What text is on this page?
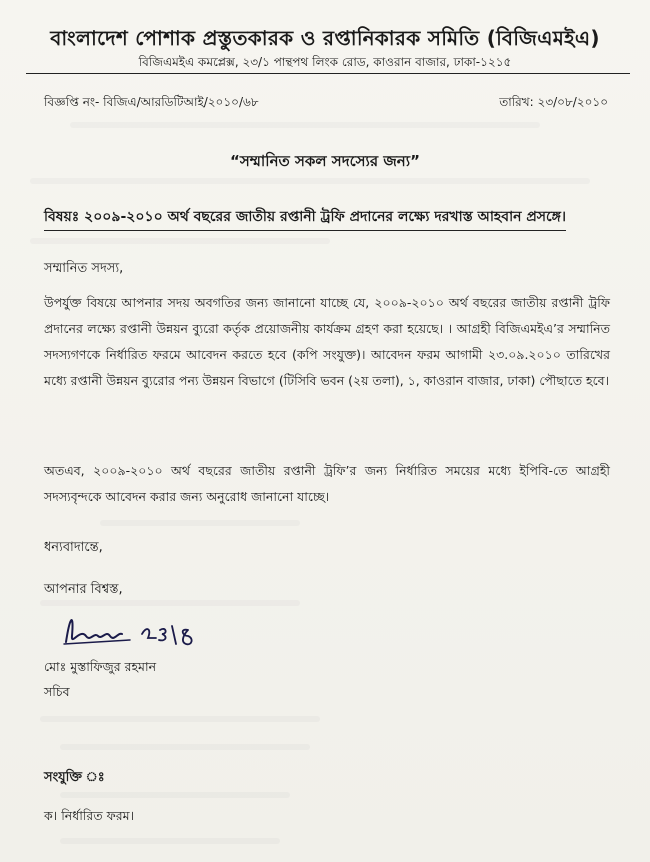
বাংলাদেশ পোশাক প্রস্তুতকারক ও রপ্তানিকারক সমিতি (বিজিএমইএ)
বিজিএমইএ কমপ্লেক্স, ২৩/১ পান্থপথ লিংক রোড, কাওরান বাজার, ঢাকা-১২১৫
বিজ্ঞপ্তি নং- বিজিএ/আরডিটিআই/২০১০/৬৮	তারিখ: ২৩/০৮/২০১০
“সম্মানিত সকল সদস্যের জন্য”
বিষয়ঃ ২০০৯-২০১০ অর্থ বছরের জাতীয় রপ্তানী ট্রফি প্রদানের লক্ষ্যে দরখাস্ত আহবান প্রসঙ্গে।
সম্মানিত সদস্য,
উপর্যুক্ত বিষয়ে আপনার সদয় অবগতির জন্য জানানো যাচ্ছে যে, ২০০৯-২০১০ অর্থ বছরের জাতীয় রপ্তানী ট্রফি প্রদানের লক্ষ্যে রপ্তানী উন্নয়ন ব্যুরো কর্তৃক প্রয়োজনীয় কার্যক্রম গ্রহণ করা হয়েছে। । আগ্রহী বিজিএমইএ’র সম্মানিত সদস্যগণকে নির্ধারিত ফরমে আবেদন করতে হবে (কপি সংযুক্ত)। আবেদন ফরম আগামী ২৩.০৯.২০১০ তারিখের মধ্যে রপ্তানী উন্নয়ন ব্যুরোর পন্য উন্নয়ন বিভাগে (টিসিবি ভবন (২য় তলা), ১, কাওরান বাজার, ঢাকা) পৌছাতে হবে।
অতএব, ২০০৯-২০১০ অর্থ বছরের জাতীয় রপ্তানী ট্রফি’র জন্য নির্ধারিত সময়ের মধ্যে ইপিবি-তে আগ্রহী সদস্যবৃন্দকে আবেদন করার জন্য অনুরোধ জানানো যাচ্ছে।
ধন্যবাদান্তে,
আপনার বিশ্বস্ত,
মোঃ মুস্তাফিজুর রহমান
সচিব
সংযুক্তি ঃ
ক। নির্ধারিত ফরম।
